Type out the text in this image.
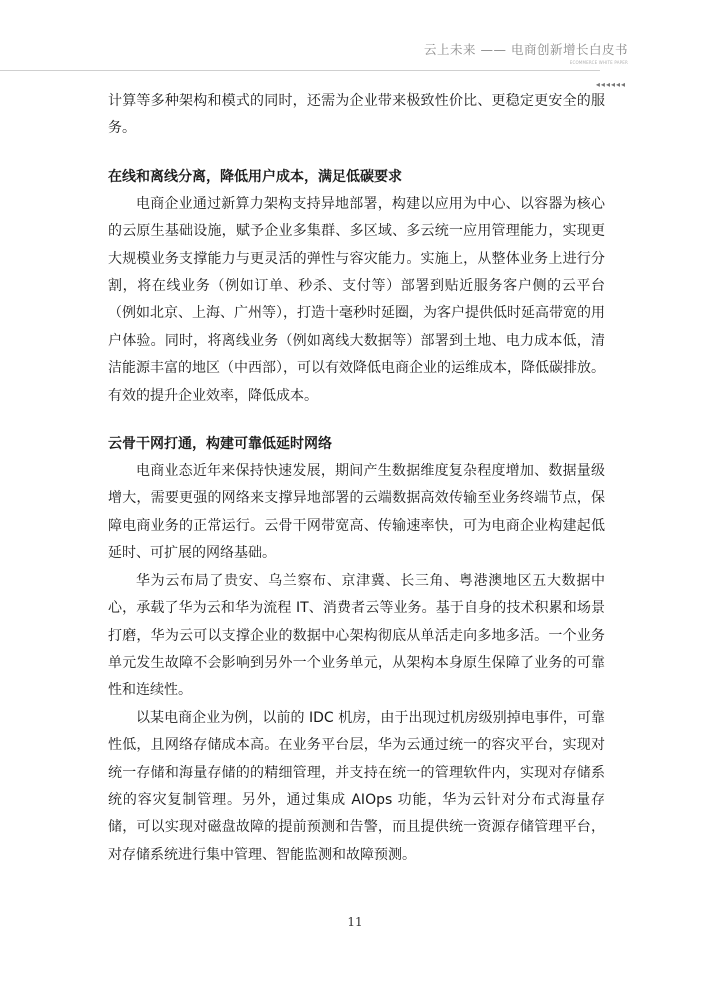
云上未来 —— 电商创新增长白皮书
ECOMMERCE WHITE PAPER
◂◂◂◂◂◂

计算等多种架构和模式的同时，还需为企业带来极致性价比、更稳定更安全的服务。

在线和离线分离，降低用户成本，满足低碳要求

电商企业通过新算力架构支持异地部署，构建以应用为中心、以容器为核心的云原生基础设施，赋予企业多集群、多区域、多云统一应用管理能力，实现更大规模业务支撑能力与更灵活的弹性与容灾能力。实施上，从整体业务上进行分割，将在线业务（例如订单、秒杀、支付等）部署到贴近服务客户侧的云平台（例如北京、上海、广州等），打造十毫秒时延圈，为客户提供低时延高带宽的用户体验。同时，将离线业务（例如离线大数据等）部署到土地、电力成本低，清洁能源丰富的地区（中西部），可以有效降低电商企业的运维成本，降低碳排放。有效的提升企业效率，降低成本。

云骨干网打通，构建可靠低延时网络

电商业态近年来保持快速发展，期间产生数据维度复杂程度增加、数据量级增大，需要更强的网络来支撑异地部署的云端数据高效传输至业务终端节点，保障电商业务的正常运行。云骨干网带宽高、传输速率快，可为电商企业构建起低延时、可扩展的网络基础。

华为云布局了贵安、乌兰察布、京津冀、长三角、粤港澳地区五大数据中心，承载了华为云和华为流程 IT、消费者云等业务。基于自身的技术积累和场景打磨，华为云可以支撑企业的数据中心架构彻底从单活走向多地多活。一个业务单元发生故障不会影响到另外一个业务单元，从架构本身原生保障了业务的可靠性和连续性。

以某电商企业为例，以前的 IDC 机房，由于出现过机房级别掉电事件，可靠性低，且网络存储成本高。在业务平台层，华为云通过统一的容灾平台，实现对统一存储和海量存储的的精细管理，并支持在统一的管理软件内，实现对存储系统的容灾复制管理。另外，通过集成 AIOps 功能，华为云针对分布式海量存储，可以实现对磁盘故障的提前预测和告警，而且提供统一资源存储管理平台，对存储系统进行集中管理、智能监测和故障预测。

11
